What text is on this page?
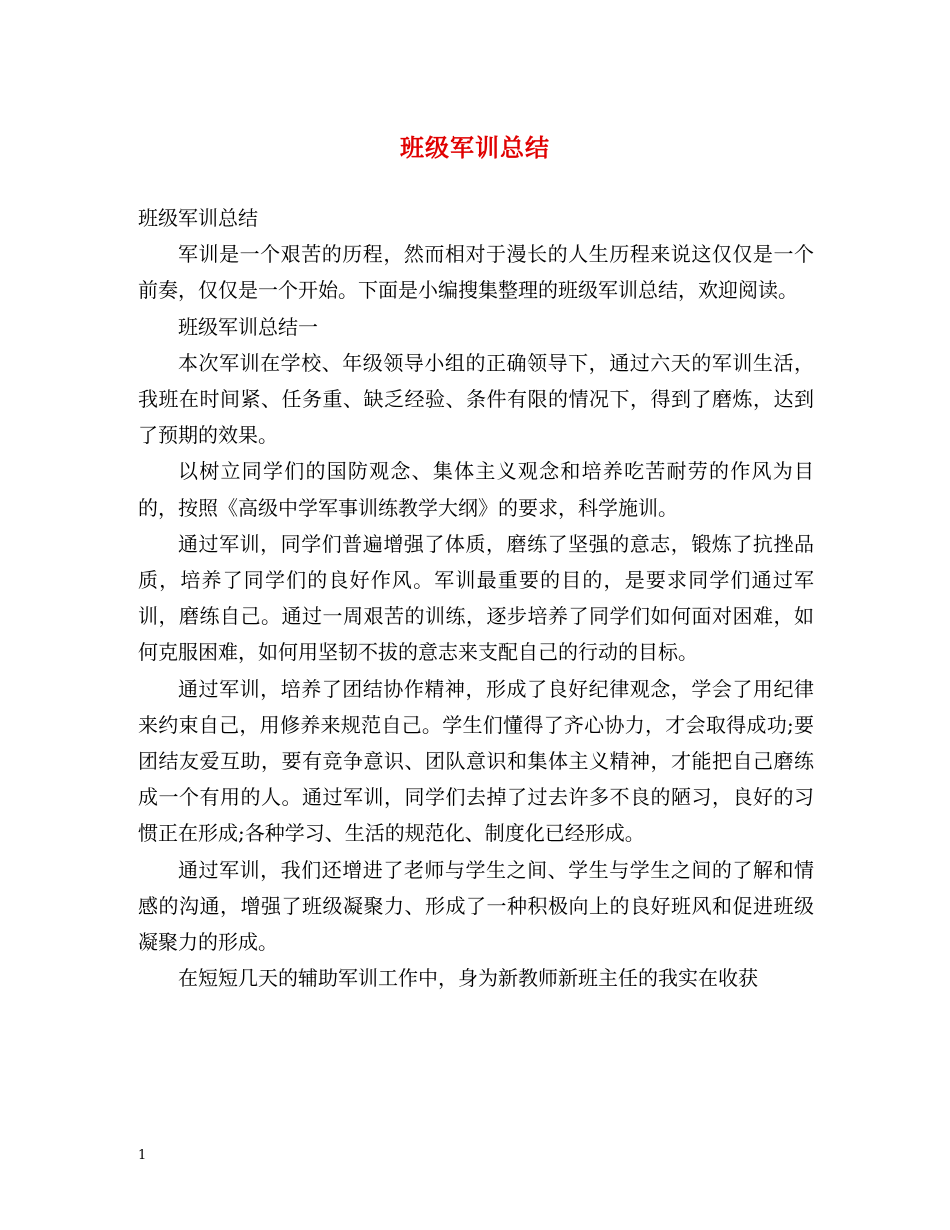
班级军训总结

班级军训总结

军训是一个艰苦的历程，然而相对于漫长的人生历程来说这仅仅是一个前奏，仅仅是一个开始。下面是小编搜集整理的班级军训总结，欢迎阅读。

班级军训总结一

本次军训在学校、年级领导小组的正确领导下，通过六天的军训生活，我班在时间紧、任务重、缺乏经验、条件有限的情况下，得到了磨炼，达到了预期的效果。

以树立同学们的国防观念、集体主义观念和培养吃苦耐劳的作风为目的，按照《高级中学军事训练教学大纲》的要求，科学施训。

通过军训，同学们普遍增强了体质，磨练了坚强的意志，锻炼了抗挫品质，培养了同学们的良好作风。军训最重要的目的，是要求同学们通过军训，磨练自己。通过一周艰苦的训练，逐步培养了同学们如何面对困难，如何克服困难，如何用坚韧不拔的意志来支配自己的行动的目标。

通过军训，培养了团结协作精神，形成了良好纪律观念，学会了用纪律来约束自己，用修养来规范自己。学生们懂得了齐心协力，才会取得成功;要团结友爱互助，要有竞争意识、团队意识和集体主义精神，才能把自己磨练成一个有用的人。通过军训，同学们去掉了过去许多不良的陋习，良好的习惯正在形成;各种学习、生活的规范化、制度化已经形成。

通过军训，我们还增进了老师与学生之间、学生与学生之间的了解和情感的沟通，增强了班级凝聚力、形成了一种积极向上的良好班风和促进班级凝聚力的形成。

在短短几天的辅助军训工作中，身为新教师新班主任的我实在收获

1
